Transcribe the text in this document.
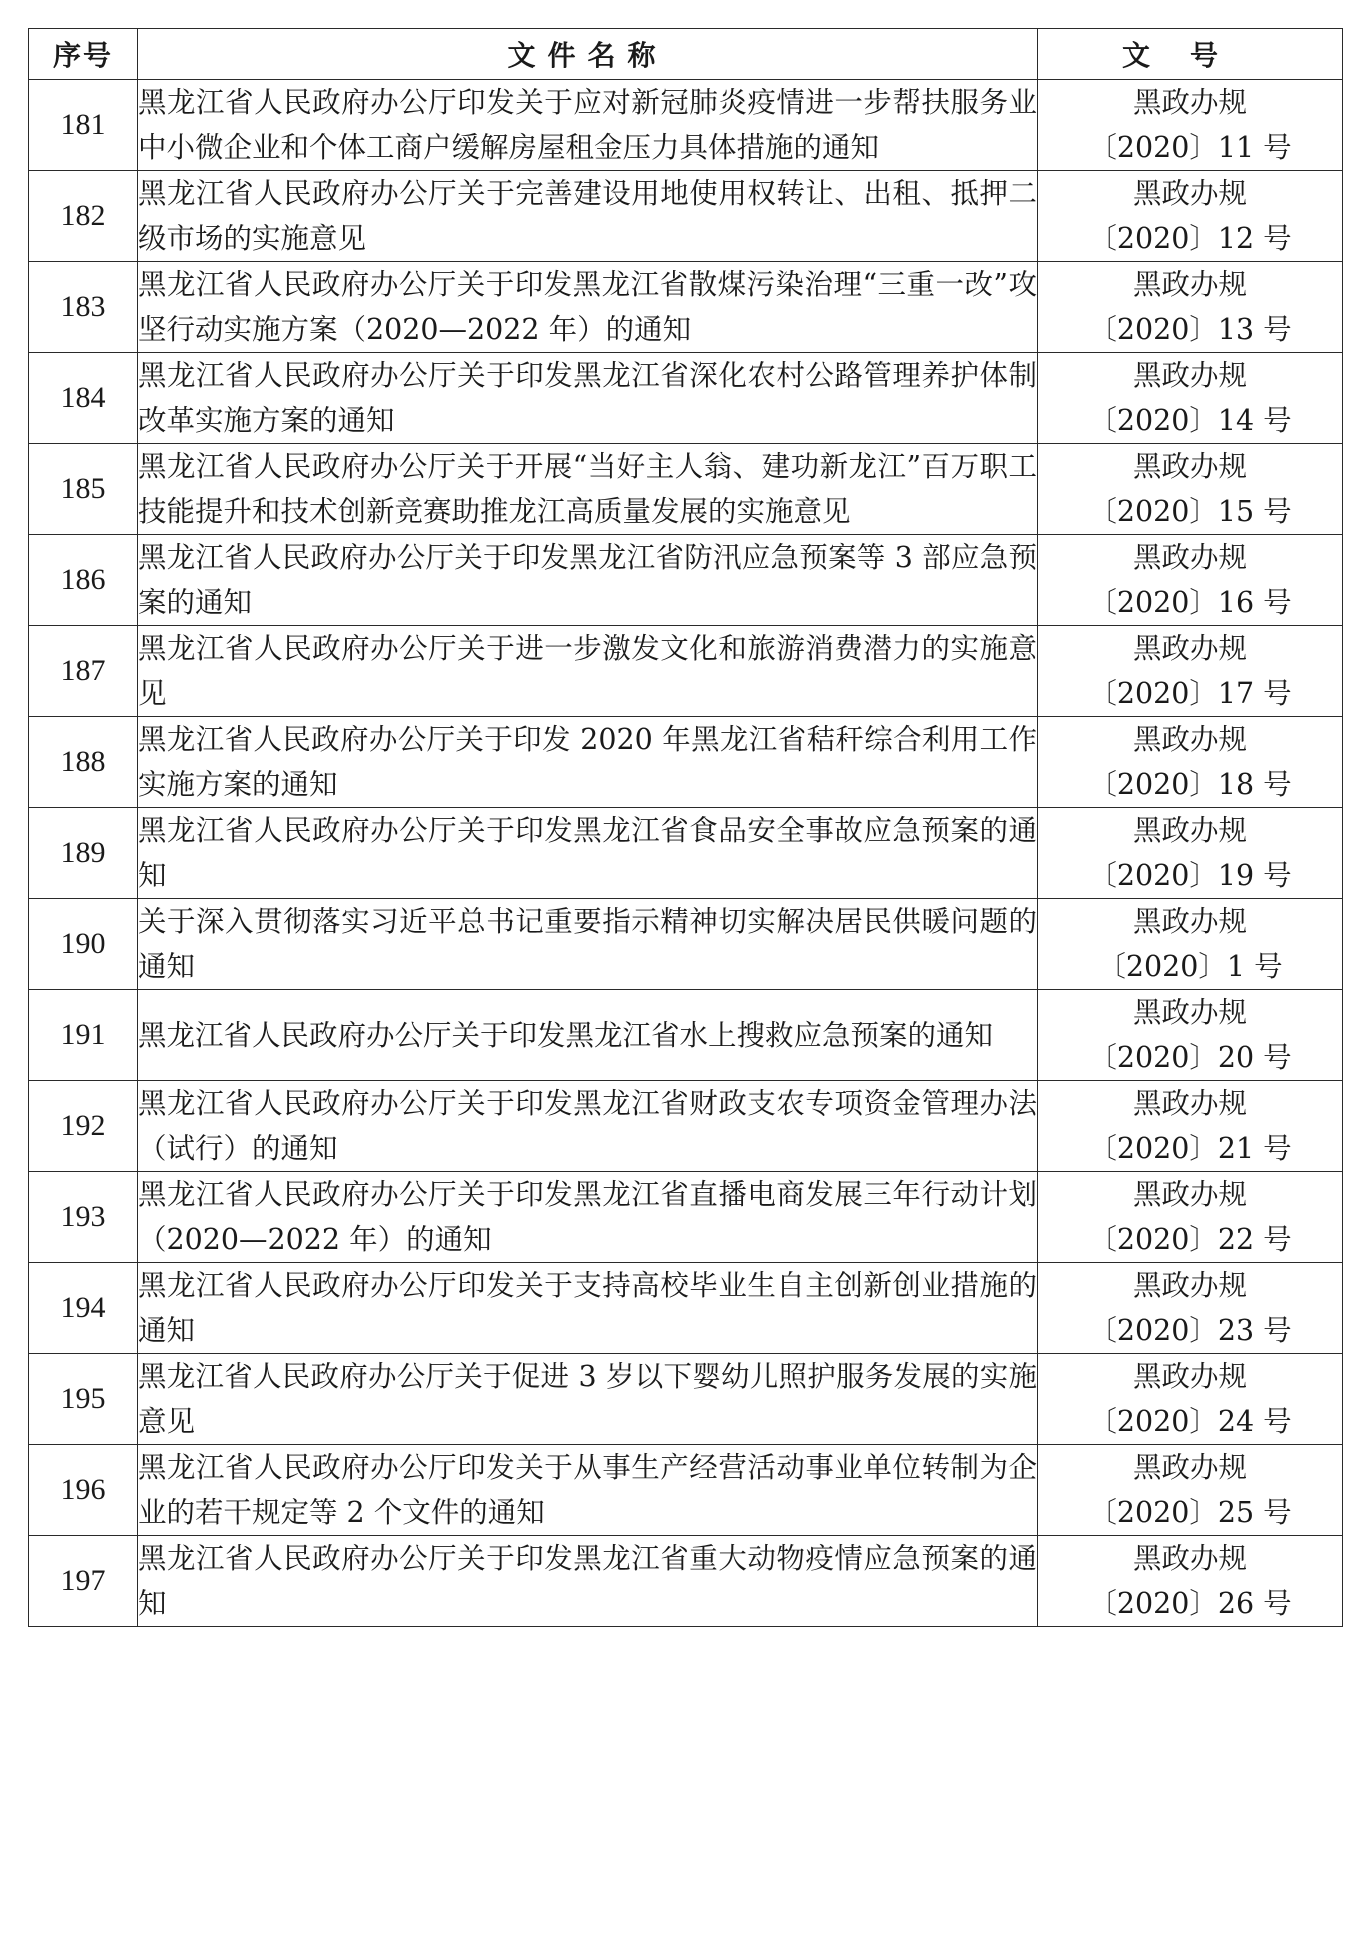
序号	文件名称	文号
181	黑龙江省人民政府办公厅印发关于应对新冠肺炎疫情进一步帮扶服务业中小微企业和个体工商户缓解房屋租金压力具体措施的通知	黑政办规
〔2020〕11 号

182	黑龙江省人民政府办公厅关于完善建设用地使用权转让、出租、抵押二级市场的实施意见	黑政办规
〔2020〕12 号

183	黑龙江省人民政府办公厅关于印发黑龙江省散煤污染治理“三重一改”攻坚行动实施方案（2020—2022 年）的通知	黑政办规
〔2020〕13 号

184	黑龙江省人民政府办公厅关于印发黑龙江省深化农村公路管理养护体制改革实施方案的通知	黑政办规
〔2020〕14 号

185	黑龙江省人民政府办公厅关于开展“当好主人翁、建功新龙江”百万职工技能提升和技术创新竞赛助推龙江高质量发展的实施意见	黑政办规
〔2020〕15 号

186	黑龙江省人民政府办公厅关于印发黑龙江省防汛应急预案等 3 部应急预案的通知	黑政办规
〔2020〕16 号

187	黑龙江省人民政府办公厅关于进一步激发文化和旅游消费潜力的实施意见	黑政办规
〔2020〕17 号

188	黑龙江省人民政府办公厅关于印发 2020 年黑龙江省秸秆综合利用工作实施方案的通知	黑政办规
〔2020〕18 号

189	黑龙江省人民政府办公厅关于印发黑龙江省食品安全事故应急预案的通知	黑政办规
〔2020〕19 号

190	关于深入贯彻落实习近平总书记重要指示精神切实解决居民供暖问题的通知	黑政办规
〔2020〕1 号

191	黑龙江省人民政府办公厅关于印发黑龙江省水上搜救应急预案的通知	黑政办规
〔2020〕20 号

192	黑龙江省人民政府办公厅关于印发黑龙江省财政支农专项资金管理办法（试行）的通知	黑政办规
〔2020〕21 号

193	黑龙江省人民政府办公厅关于印发黑龙江省直播电商发展三年行动计划（2020—2022 年）的通知	黑政办规
〔2020〕22 号

194	黑龙江省人民政府办公厅印发关于支持高校毕业生自主创新创业措施的通知	黑政办规
〔2020〕23 号

195	黑龙江省人民政府办公厅关于促进 3 岁以下婴幼儿照护服务发展的实施意见	黑政办规
〔2020〕24 号

196	黑龙江省人民政府办公厅印发关于从事生产经营活动事业单位转制为企业的若干规定等 2 个文件的通知	黑政办规
〔2020〕25 号

197	黑龙江省人民政府办公厅关于印发黑龙江省重大动物疫情应急预案的通知	黑政办规
〔2020〕26 号
